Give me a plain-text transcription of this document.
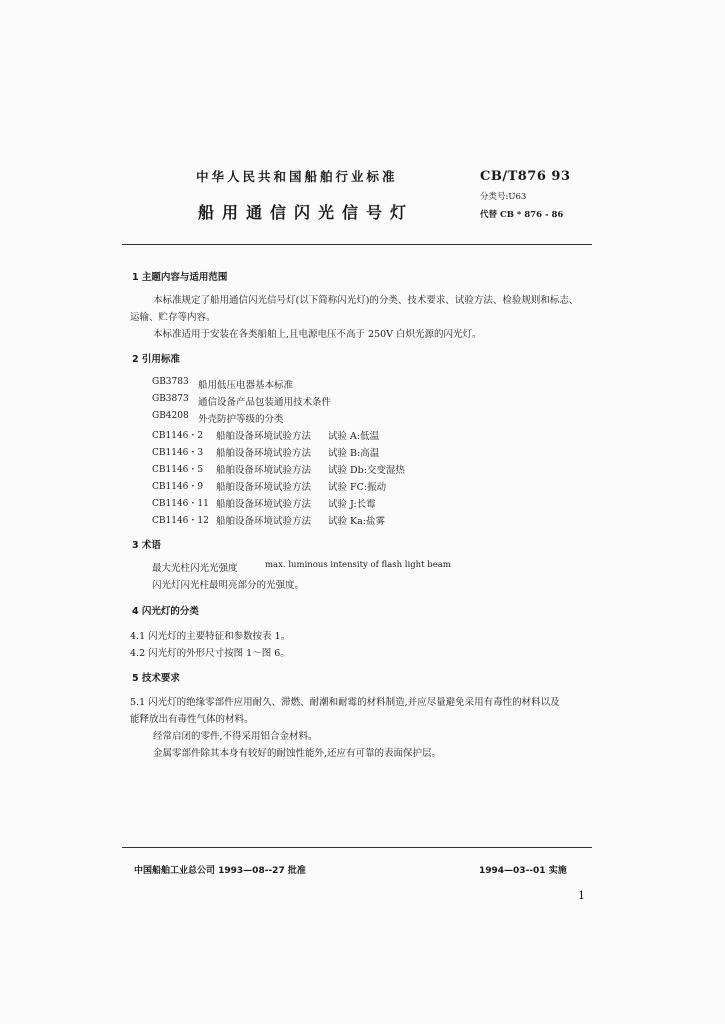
中华人民共和国船舶行业标准
船用通信闪光信号灯
CB/T876 93
分类号:U63
代替 CB * 876 - 86
1 主题内容与适用范围
本标准规定了船用通信闪光信号灯(以下简称闪光灯)的分类、技术要求、试验方法、检验规则和标志、
运输、贮存等内容。
本标准适用于安装在各类船舶上,且电源电压不高于 250V 白炽光源的闪光灯。
2 引用标准
GB3783 船用低压电器基本标准
GB3873 通信设备产品包装通用技术条件
GB4208 外壳防护等级的分类
CB1146・2 船舶设备环境试验方法 试验 A:低温
CB1146・3 船舶设备环境试验方法 试验 B:高温
CB1146・5 船舶设备环境试验方法 试验 Db:交变湿热
CB1146・9 船舶设备环境试验方法 试验 FC:振动
CB1146・11 船舶设备环境试验方法 试验 J:长霉
CB1146・12 船舶设备环境试验方法 试验 Ka:盐雾
3 术语
最大光柱闪光光强度	max. luminous intensity of flash light beam
闪光灯闪光柱最明亮部分的光强度。
4 闪光灯的分类
4.1 闪光灯的主要特征和参数按表 1。
4.2 闪光灯的外形尺寸按图 1～图 6。
5 技术要求
5.1 闪光灯的绝缘零部件应用耐久、滞燃、耐潮和耐霉的材料制造,并应尽量避免采用有毒性的材料以及
能释放出有毒性气体的材料。
经常启闭的零件,不得采用铝合金材料。
金属零部件除其本身有较好的耐蚀性能外,还应有可靠的表面保护层。
中国船舶工业总公司 1993—08--27 批准	1994—03--01 实施
1
